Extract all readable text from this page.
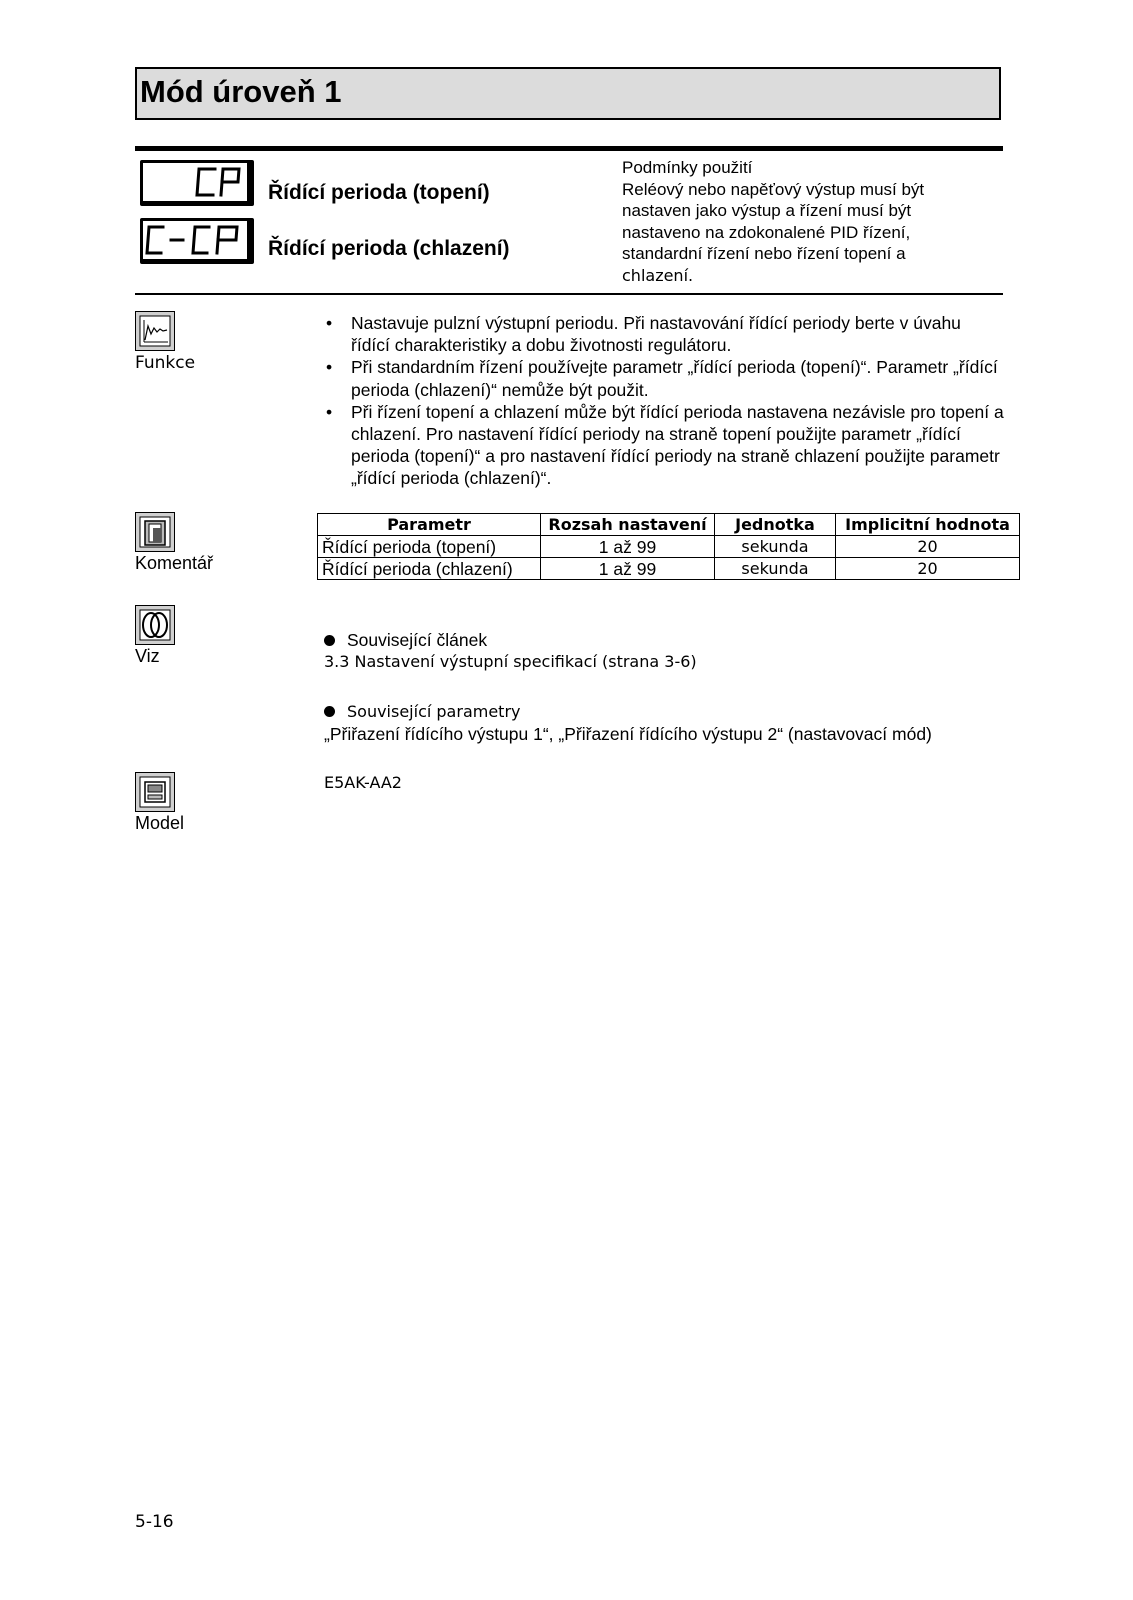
Mód úroveň 1
Řídící perioda (topení)
Řídící perioda (chlazení)
Podmínky použití
Reléový nebo napěťový výstup musí být
nastaven jako výstup a řízení musí být
nastaveno na zdokonalené PID řízení,
standardní řízení nebo řízení topení a
chlazení.
Funkce
• Nastavuje pulzní výstupní periodu. Při nastavování řídící periody berte v úvahu řídící charakteristiky a dobu životnosti regulátoru.
• Při standardním řízení používejte parametr „řídící perioda (topení)“. Parametr „řídící perioda (chlazení)“ nemůže být použit.
• Při řízení topení a chlazení může být řídící perioda nastavena nezávisle pro topení a chlazení. Pro nastavení řídící periody na straně topení použijte parametr „řídící perioda (topení)“ a pro nastavení řídící periody na straně chlazení použijte parametr „řídící perioda (chlazení)“.
Komentář
Parametr	Rozsah nastavení	Jednotka	Implicitní hodnota
Řídící perioda (topení)	1 až 99	sekunda	20
Řídící perioda (chlazení)	1 až 99	sekunda	20
Viz
Související článek
3.3 Nastavení výstupní specifikací (strana 3-6)
Související parametry
„Přiřazení řídícího výstupu 1“, „Přiřazení řídícího výstupu 2“ (nastavovací mód)
E5AK-AA2
Model
5-16
